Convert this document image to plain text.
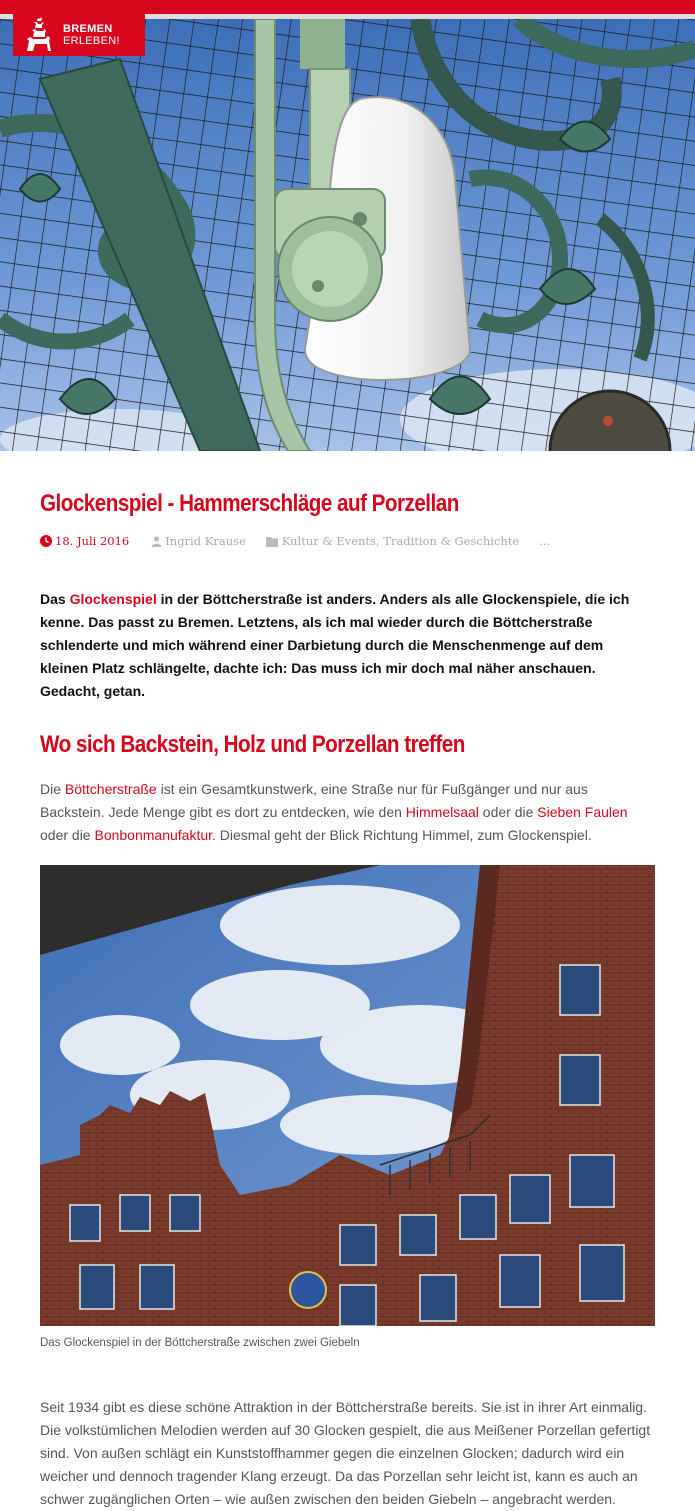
BREMEN
ERLEBEN!
Glockenspiel - Hammerschläge auf Porzellan
18. Juli 2016	Ingrid Krause	Kultur & Events, Tradition & Geschichte ...
Das Glockenspiel in der Böttcherstraße ist anders. Anders als alle Glockenspiele, die ich kenne. Das passt zu Bremen. Letztens, als ich mal wieder durch die Böttcherstraße schlenderte und mich während einer Darbietung durch die Menschenmenge auf dem kleinen Platz schlängelte, dachte ich: Das muss ich mir doch mal näher anschauen. Gedacht, getan.
Wo sich Backstein, Holz und Porzellan treffen
Die Böttcherstraße ist ein Gesamtkunstwerk, eine Straße nur für Fußgänger und nur aus Backstein. Jede Menge gibt es dort zu entdecken, wie den Himmelsaal oder die Sieben Faulen oder die Bonbonmanufaktur. Diesmal geht der Blick Richtung Himmel, zum Glockenspiel.
Das Glockenspiel in der Böttcherstraße zwischen zwei Giebeln
Seit 1934 gibt es diese schöne Attraktion in der Böttcherstraße bereits. Sie ist in ihrer Art einmalig. Die volkstümlichen Melodien werden auf 30 Glocken gespielt, die aus Meißener Porzellan gefertigt sind. Von außen schlägt ein Kunststoffhammer gegen die einzelnen Glocken; dadurch wird ein weicher und dennoch tragender Klang erzeugt. Da das Porzellan sehr leicht ist, kann es auch an schwer zugänglichen Orten – wie außen zwischen den beiden Giebeln – angebracht werden.
